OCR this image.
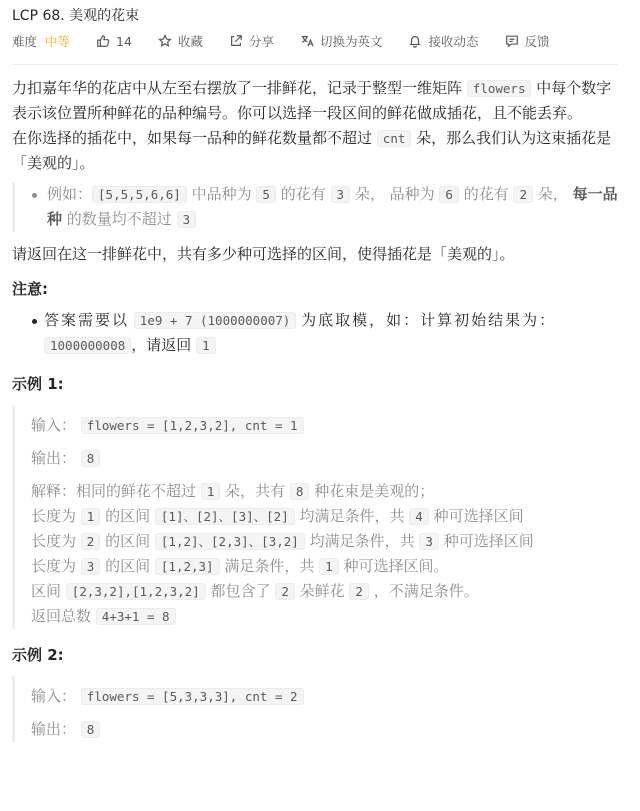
LCP 68. 美观的花束
难度 中等	14	收藏	分享	切换为英文	接收动态	反馈

力扣嘉年华的花店中从左至右摆放了一排鲜花，记录于整型一维矩阵 flowers 中每个数字表示该位置所种鲜花的品种编号。你可以选择一段区间的鲜花做成插花，且不能丢弃。

在你选择的插花中，如果每一品种的鲜花数量都不超过 cnt 朵，那么我们认为这束插花是 「美观的」。

例如： [5,5,5,6,6] 中品种为 5 的花有 3 朵， 品种为 6 的花有 2 朵， 每一品种 的数量均不超过 3

请返回在这一排鲜花中，共有多少种可选择的区间，使得插花是「美观的」。

注意:

答案需要以 1e9 + 7 (1000000007) 为底取模，如：计算初始结果为： 1000000008 ，请返回 1

示例 1:

输入： flowers = [1,2,3,2], cnt = 1
输出： 8
解释：相同的鲜花不超过 1 朵，共有 8 种花束是美观的；
长度为 1 的区间 [1]、[2]、[3]、[2] 均满足条件，共 4 种可选择区间
长度为 2 的区间 [1,2]、[2,3]、[3,2] 均满足条件，共 3 种可选择区间
长度为 3 的区间 [1,2,3] 满足条件，共 1 种可选择区间。
区间 [2,3,2],[1,2,3,2] 都包含了 2 朵鲜花 2 ，不满足条件。
返回总数 4+3+1 = 8

示例 2:

输入： flowers = [5,3,3,3], cnt = 2
输出： 8
